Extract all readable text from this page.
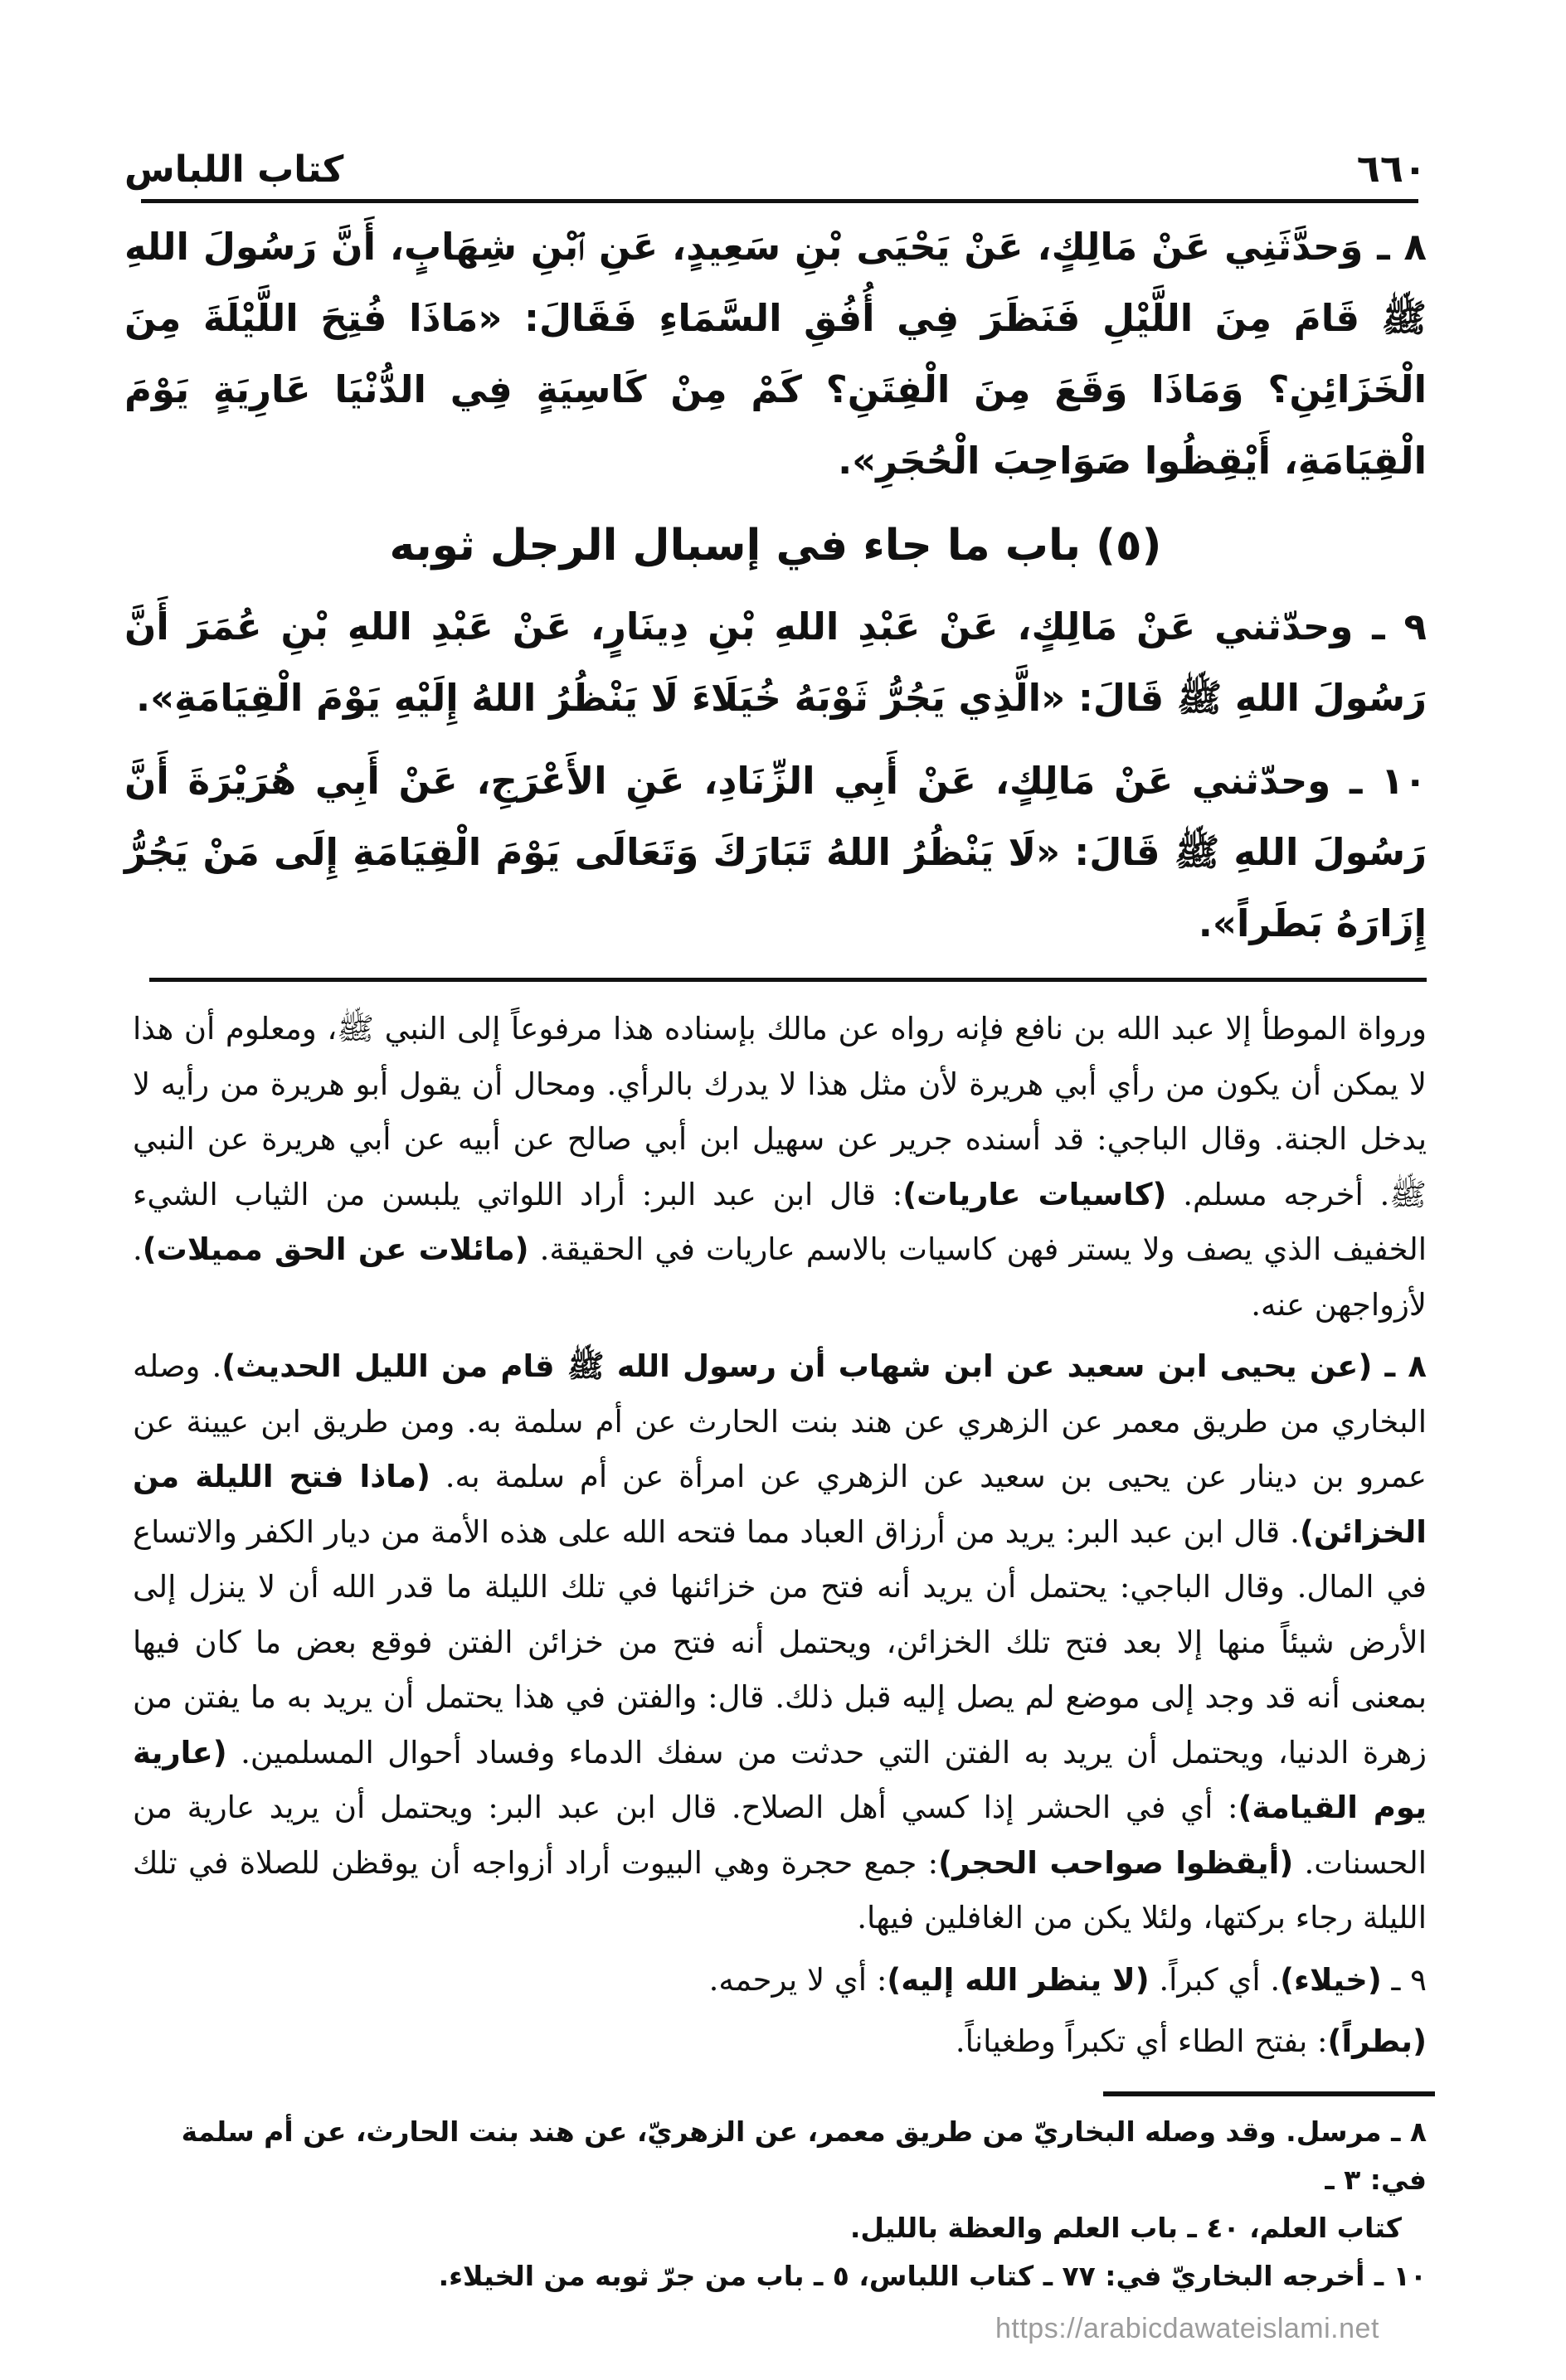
٦٦٠
كتاب اللباس

٨ ـ وَحدَّثَنِي عَنْ مَالِكٍ، عَنْ يَحْيَى بْنِ سَعِيدٍ، عَنِ ٱبْنِ شِهَابٍ، أَنَّ رَسُولَ اللهِ ﷺ قَامَ مِنَ اللَّيْلِ فَنَظَرَ فِي أُفُقِ السَّمَاءِ فَقَالَ: «مَاذَا فُتِحَ اللَّيْلَةَ مِنَ الْخَزَائِنِ؟ وَمَاذَا وَقَعَ مِنَ الْفِتَنِ؟ كَمْ مِنْ كَاسِيَةٍ فِي الدُّنْيَا عَارِيَةٍ يَوْمَ الْقِيَامَةِ، أَيْقِظُوا صَوَاحِبَ الْحُجَرِ».

(٥) باب ما جاء في إسبال الرجل ثوبه

٩ ـ وحدّثني عَنْ مَالِكٍ، عَنْ عَبْدِ اللهِ بْنِ دِينَارٍ، عَنْ عَبْدِ اللهِ بْنِ عُمَرَ أَنَّ رَسُولَ اللهِ ﷺ قَالَ: «الَّذِي يَجُرُّ ثَوْبَهُ خُيَلَاءَ لَا يَنْظُرُ اللهُ إِلَيْهِ يَوْمَ الْقِيَامَةِ».

١٠ ـ وحدّثني عَنْ مَالِكٍ، عَنْ أَبِي الزِّنَادِ، عَنِ الأَعْرَجِ، عَنْ أَبِي هُرَيْرَةَ أَنَّ رَسُولَ اللهِ ﷺ قَالَ: «لَا يَنْظُرُ اللهُ تَبَارَكَ وَتَعَالَى يَوْمَ الْقِيَامَةِ إِلَى مَنْ يَجُرُّ إِزَارَهُ بَطَراً».

ورواة الموطأ إلا عبد الله بن نافع فإنه رواه عن مالك بإسناده هذا مرفوعاً إلى النبي ﷺ، ومعلوم أن هذا لا يمكن أن يكون من رأي أبي هريرة لأن مثل هذا لا يدرك بالرأي. ومحال أن يقول أبو هريرة من رأيه لا يدخل الجنة. وقال الباجي: قد أسنده جرير عن سهيل ابن أبي صالح عن أبيه عن أبي هريرة عن النبي ﷺ. أخرجه مسلم. (كاسيات عاريات): قال ابن عبد البر: أراد اللواتي يلبسن من الثياب الشيء الخفيف الذي يصف ولا يستر فهن كاسيات بالاسم عاريات في الحقيقة. (مائلات عن الحق مميلات). لأزواجهن عنه.

٨ ـ (عن يحيى ابن سعيد عن ابن شهاب أن رسول الله ﷺ قام من الليل الحديث). وصله البخاري من طريق معمر عن الزهري عن هند بنت الحارث عن أم سلمة به. ومن طريق ابن عيينة عن عمرو بن دينار عن يحيى بن سعيد عن الزهري عن امرأة عن أم سلمة به. (ماذا فتح الليلة من الخزائن). قال ابن عبد البر: يريد من أرزاق العباد مما فتحه الله على هذه الأمة من ديار الكفر والاتساع في المال. وقال الباجي: يحتمل أن يريد أنه فتح من خزائنها في تلك الليلة ما قدر الله أن لا ينزل إلى الأرض شيئاً منها إلا بعد فتح تلك الخزائن، ويحتمل أنه فتح من خزائن الفتن فوقع بعض ما كان فيها بمعنى أنه قد وجد إلى موضع لم يصل إليه قبل ذلك. قال: والفتن في هذا يحتمل أن يريد به ما يفتن من زهرة الدنيا، ويحتمل أن يريد به الفتن التي حدثت من سفك الدماء وفساد أحوال المسلمين. (عارية يوم القيامة): أي في الحشر إذا كسي أهل الصلاح. قال ابن عبد البر: ويحتمل أن يريد عارية من الحسنات. (أيقظوا صواحب الحجر): جمع حجرة وهي البيوت أراد أزواجه أن يوقظن للصلاة في تلك الليلة رجاء بركتها، ولئلا يكن من الغافلين فيها.

٩ ـ (خيلاء). أي كبراً. (لا ينظر الله إليه): أي لا يرحمه.

(بطراً): بفتح الطاء أي تكبراً وطغياناً.

٨ ـ مرسل. وقد وصله البخاريّ من طريق معمر، عن الزهريّ، عن هند بنت الحارث، عن أم سلمة في: ٣ ـ

كتاب العلم، ٤٠ ـ باب العلم والعظة بالليل.

١٠ ـ أخرجه البخاريّ في: ٧٧ ـ كتاب اللباس، ٥ ـ باب من جرّ ثوبه من الخيلاء.

https://arabicdawateislami.net
